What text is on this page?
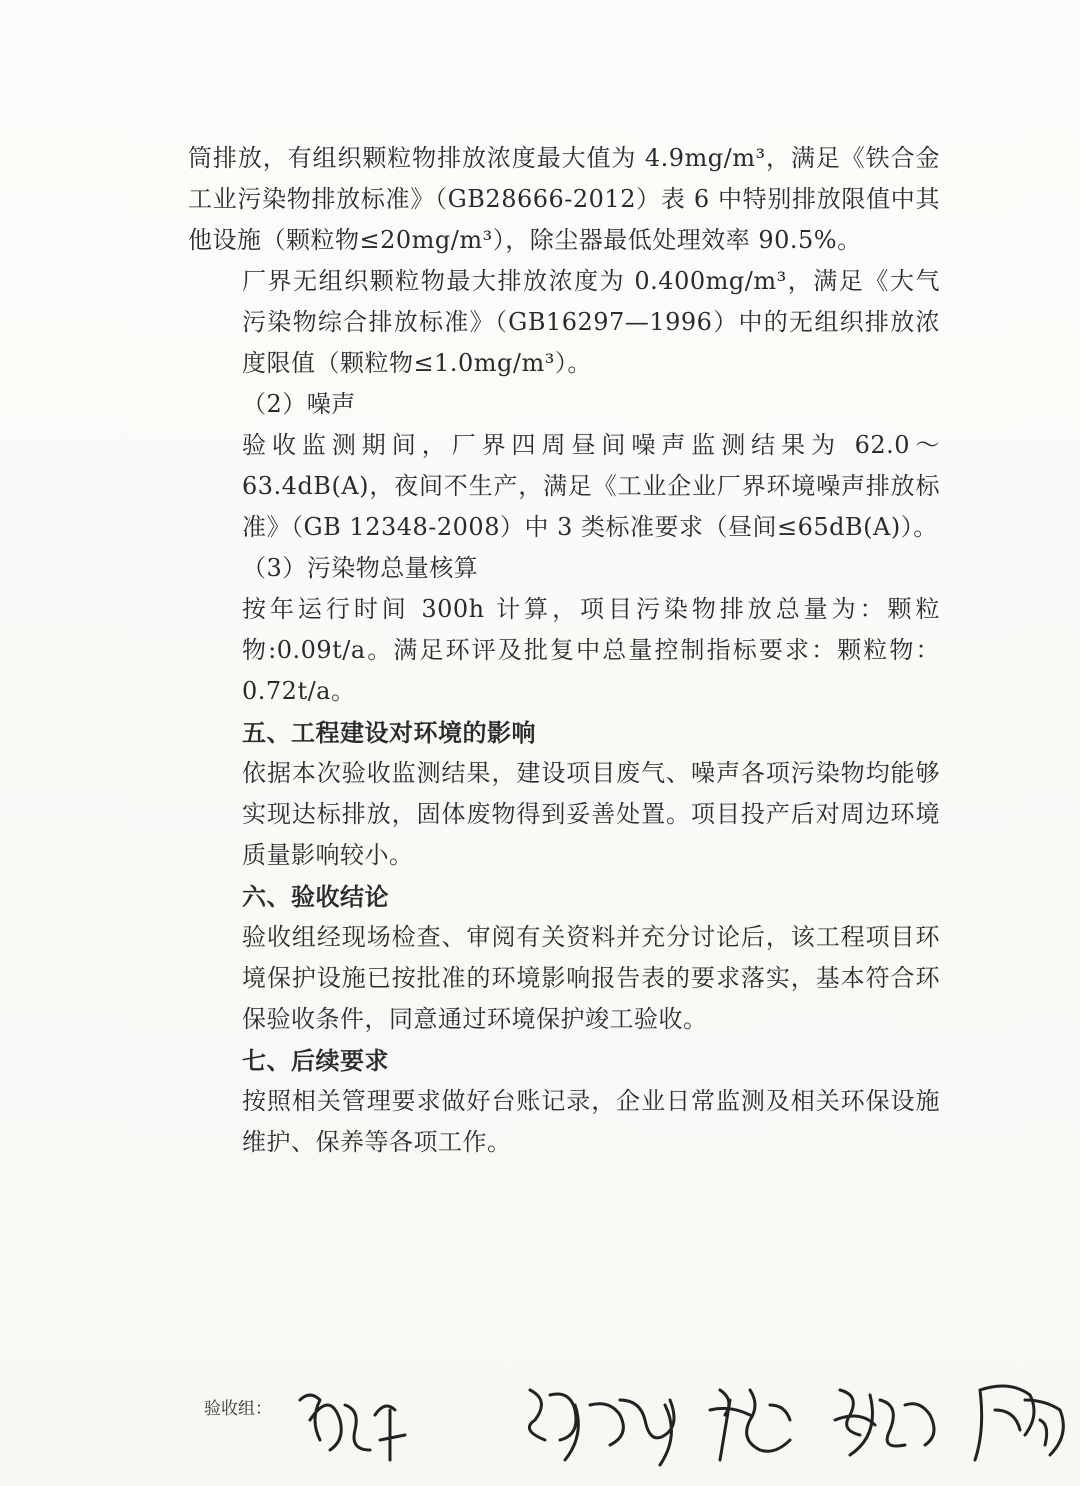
筒排放，有组织颗粒物排放浓度最大值为 4.9mg/m³，满足《铁合金工业污染物排放标准》（GB28666-2012）表 6 中特别排放限值中其他设施（颗粒物≤20mg/m³），除尘器最低处理效率 90.5%。

厂界无组织颗粒物最大排放浓度为 0.400mg/m³，满足《大气污染物综合排放标准》（GB16297—1996）中的无组织排放浓度限值（颗粒物≤1.0mg/m³）。

（2）噪声

验收监测期间，厂界四周昼间噪声监测结果为 62.0～63.4dB(A)，夜间不生产，满足《工业企业厂界环境噪声排放标准》（GB 12348-2008）中 3 类标准要求（昼间≤65dB(A)）。

（3）污染物总量核算

按年运行时间 300h 计算，项目污染物排放总量为：颗粒物:0.09t/a。满足环评及批复中总量控制指标要求：颗粒物：0.72t/a。

五、工程建设对环境的影响

依据本次验收监测结果，建设项目废气、噪声各项污染物均能够实现达标排放，固体废物得到妥善处置。项目投产后对周边环境质量影响较小。

六、验收结论

验收组经现场检查、审阅有关资料并充分讨论后，该工程项目环境保护设施已按批准的环境影响报告表的要求落实，基本符合环保验收条件，同意通过环境保护竣工验收。

七、后续要求

按照相关管理要求做好台账记录，企业日常监测及相关环保设施维护、保养等各项工作。

验收组：
